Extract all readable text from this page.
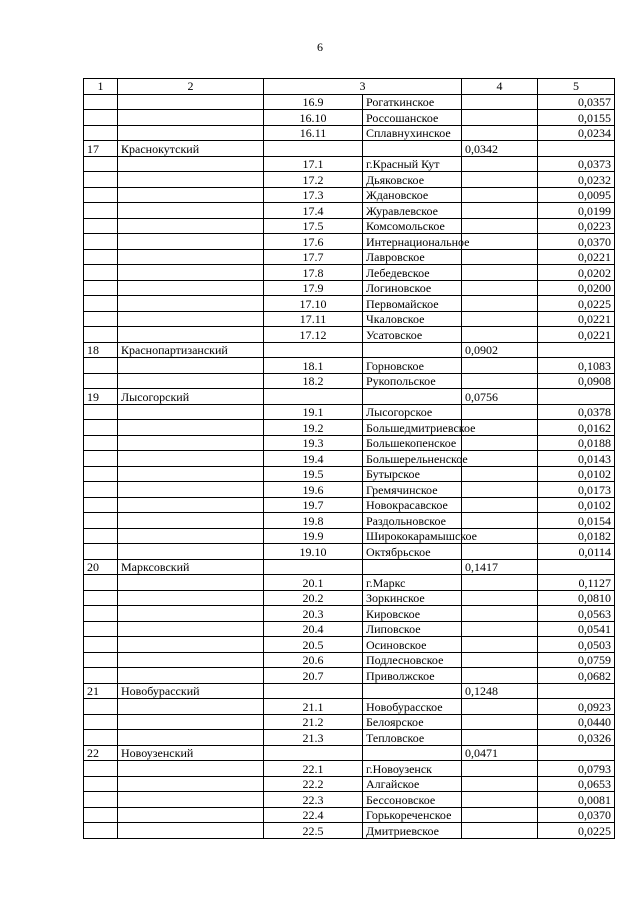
6
1	2	3		4	5
		16.9	Рогаткинское		0,0357
		16.10	Россошанское		0,0155
		16.11	Сплавнухинское		0,0234
17	Краснокутский			0,0342	
		17.1	г.Красный Кут		0,0373
		17.2	Дьяковское		0,0232
		17.3	Ждановское		0,0095
		17.4	Журавлевское		0,0199
		17.5	Комсомольское		0,0223
		17.6	Интернациональное		0,0370
		17.7	Лавровское		0,0221
		17.8	Лебедевское		0,0202
		17.9	Логиновское		0,0200
		17.10	Первомайское		0,0225
		17.11	Чкаловское		0,0221
		17.12	Усатовское		0,0221
18	Краснопартизанский			0,0902	
		18.1	Горновское		0,1083
		18.2	Рукопольское		0,0908
19	Лысогорский			0,0756	
		19.1	Лысогорское		0,0378
		19.2	Большедмитриевское		0,0162
		19.3	Большекопенское		0,0188
		19.4	Большерельненское		0,0143
		19.5	Бутырское		0,0102
		19.6	Гремячинское		0,0173
		19.7	Новокрасавское		0,0102
		19.8	Раздольновское		0,0154
		19.9	Ширококарамышское		0,0182
		19.10	Октябрьское		0,0114
20	Марксовский			0,1417	
		20.1	г.Маркс		0,1127
		20.2	Зоркинское		0,0810
		20.3	Кировское		0,0563
		20.4	Липовское		0,0541
		20.5	Осиновское		0,0503
		20.6	Подлесновское		0,0759
		20.7	Приволжское		0,0682
21	Новобурасский			0,1248	
		21.1	Новобурасское		0,0923
		21.2	Белоярское		0,0440
		21.3	Тепловское		0,0326
22	Новоузенский			0,0471	
		22.1	г.Новоузенск		0,0793
		22.2	Алгайское		0,0653
		22.3	Бессоновское		0,0081
		22.4	Горькореченское		0,0370
		22.5	Дмитриевское		0,0225
